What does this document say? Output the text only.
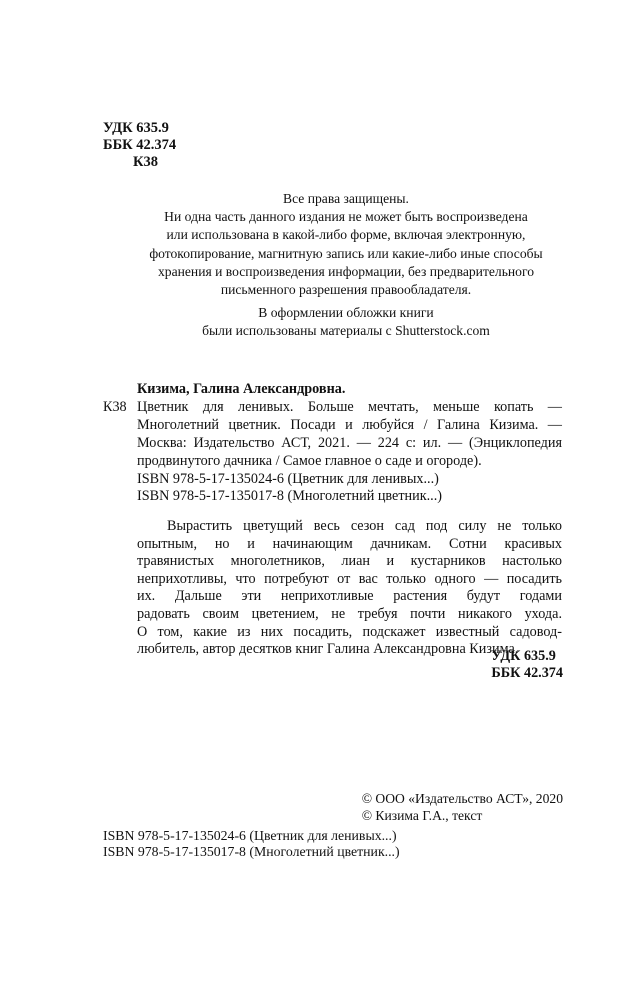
УДК 635.9
ББК 42.374
К38
Все права защищены.
Ни одна часть данного издания не может быть воспроизведена
или использована в какой-либо форме, включая электронную,
фотокопирование, магнитную запись или какие-либо иные способы
хранения и воспроизведения информации, без предварительного
письменного разрешения правообладателя.
В оформлении обложки книги
были использованы материалы с Shutterstock.com
Кизима, Галина Александровна.
К38 Цветник для ленивых. Больше мечтать, меньше копать —
Многолетний цветник. Посади и любуйся / Галина Кизима. —
Москва: Издательство АСТ, 2021. — 224 с: ил. — (Энциклопедия
продвинутого дачника / Самое главное о саде и огороде).
ISBN 978-5-17-135024-6 (Цветник для ленивых...)
ISBN 978-5-17-135017-8 (Многолетний цветник...)
Вырастить цветущий весь сезон сад под силу не только
опытным, но и начинающим дачникам. Сотни красивых
травянистых многолетников, лиан и кустарников настолько
неприхотливы, что потребуют от вас только одного — посадить
их. Дальше эти неприхотливые растения будут годами
радовать своим цветением, не требуя почти никакого ухода.
О том, какие из них посадить, подскажет известный садовод-
любитель, автор десятков книг Галина Александровна Кизима.
УДК 635.9
ББК 42.374
© ООО «Издательство АСТ», 2020
© Кизима Г.А., текст
ISBN 978-5-17-135024-6 (Цветник для ленивых...)
ISBN 978-5-17-135017-8 (Многолетний цветник...)
